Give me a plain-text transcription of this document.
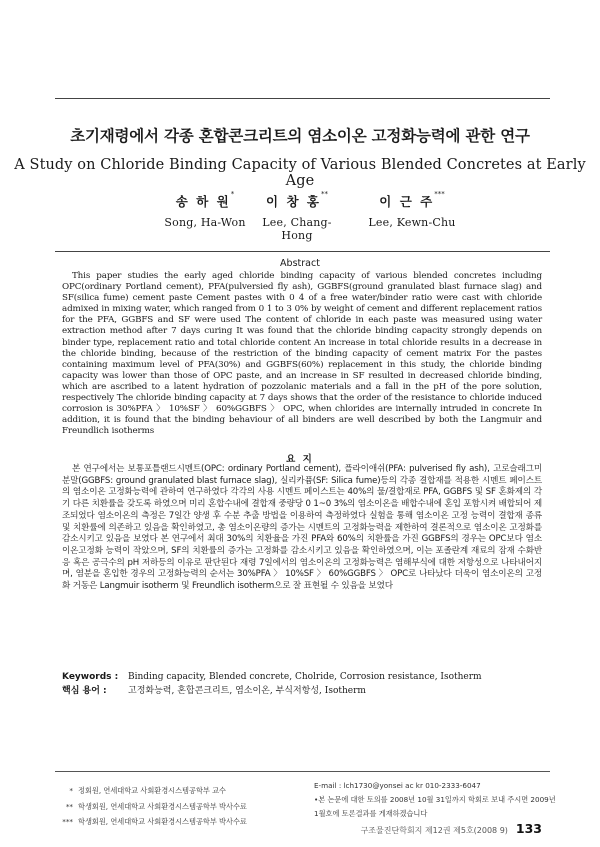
초기재령에서 각종 혼합콘크리트의 염소이온 고정화능력에 관한 연구
A Study on Chloride Binding Capacity of Various Blended Concretes at Early Age
송 하 원*
Song, Ha-Won
이 창 홍**
Lee, Chang-Hong
이 근 주***
Lee, Kewn-Chu
Abstract

This paper studies the early aged chloride binding capacity of various blended concretes including OPC(ordinary Portland cement), PFA(pulversied fly ash), GGBFS(ground granulated blast furnace slag) and SF(silica fume) cement paste Cement pastes with 0 4 of a free water/binder ratio were cast with chloride admixed in mixing water, which ranged from 0 1 to 3 0% by weight of cement and different replacement ratios for the PFA, GGBFS and SF were used The content of chloride in each paste was measured using water extraction method after 7 days curing It was found that the chloride binding capacity strongly depends on binder type, replacement ratio and total chloride content An increase in total chloride results in a decrease in the chloride binding, because of the restriction of the binding capacity of cement matrix For the pastes containing maximum level of PFA(30%) and GGBFS(60%) replacement in this study, the chloride binding capacity was lower than those of OPC paste, and an increase in SF resulted in decreased chloride binding, which are ascribed to a latent hydration of pozzolanic materials and a fall in the pH of the pore solution, respectively The chloride binding capacity at 7 days shows that the order of the resistance to chloride induced corrosion is 30%PFA 〉 10%SF 〉 60%GGBFS 〉 OPC, when chlorides are internally intruded in concrete In addition, it is found that the binding behaviour of all binders are well described by both the Langmuir and Freundlich isotherms

요 지

본 연구에서는 보통포틀랜드시멘트(OPC: ordinary Portland cement), 플라이애쉬(PFA: pulverised fly ash), 고로슬래그미분말(GGBFS: ground granulated blast furnace slag), 실리카퓸(SF: Silica fume)등의 각종 결합재를 적용한 시멘트 페이스트의 염소이온 고정화능력에 관하여 연구하였다 각각의 사용 시멘트 페이스트는 40%의 물/결합재로 PFA, GGBFS 및 SF 혼화제의 각기 다른 치환률을 갖도록 하였으며 미리 혼합수내에 결합재 중량당 0 1~0 3%의 염소이온을 배합수내에 혼입 포함시켜 배합되어 제조되었다 염소이온의 측정은 7일간 양생 후 수분 추출 방법을 이용하여 측정하였다 실험을 통해 염소이온 고정 능력이 결합재 종류 및 치환률에 의존하고 있음을 확인하였고, 총 염소이온량의 증가는 시멘트의 고정화능력을 제한하여 결론적으로 염소이온 고정화를 감소시키고 있음을 보였다 본 연구에서 최대 30%의 치환율을 가진 PFA와 60%의 치환률을 가진 GGBFS의 경우는 OPC보다 염소이온고정화 능력이 작았으며, SF의 치환률의 증가는 고정화를 감소시키고 있음을 확인하였으며, 이는 포졸란계 재료의 잠재 수화반응 혹은 공극수의 pH 저하등의 이유로 판단된다 재령 7일에서의 염소이온의 고정화능력은 염해부식에 대한 저항성으로 나타내어지며, 염분을 혼입한 경우의 고정화능력의 순서는 30%PFA 〉 10%SF 〉 60%GGBFS 〉 OPC로 나타났다 더욱이 염소이온의 고정화 거동은 Langmuir isotherm 및 Freundlich isotherm으로 잘 표현될 수 있음을 보였다

Keywords : Binding capacity, Blended concrete, Cholride, Corrosion resistance, Isotherm
핵심 용어 : 고정화능력, 혼합콘크리트, 염소이온, 부식저항성, Isotherm
* 정회원, 연세대학교 사회환경시스템공학부 교수
** 학생회원, 연세대학교 사회환경시스템공학부 박사수료
*** 학생회원, 연세대학교 사회환경시스템공학부 박사수료
E-mail : lch1730@yonsei ac kr 010-2333-6047
•본 논문에 대한 토의를 2008년 10월 31일까지 학회로 보내 주시면 2009년 1월호에 토론결과를 게재하겠습니다
구조물진단학회지 제12권 제5호(2008 9) 133
